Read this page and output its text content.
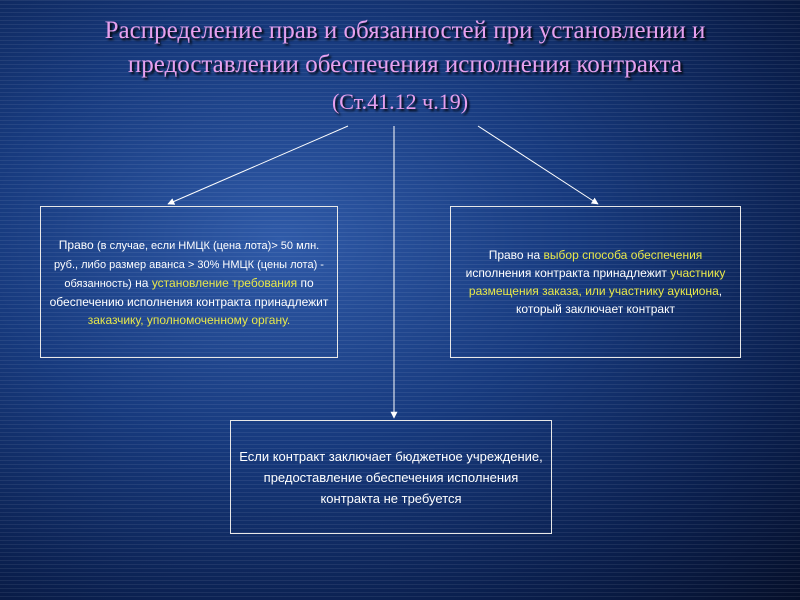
Распределение прав и обязанностей при установлении и
предоставлении обеспечения исполнения контракта
(Ст.41.12 ч.19)
Право (в случае, если НМЦК (цена лота)> 50 млн. руб., либо размер аванса > 30% НМЦК (цены лота) - обязанность) на установление требования по обеспечению исполнения контракта принадлежит заказчику, уполномоченному органу.
Право на выбор способа обеспечения исполнения контракта принадлежит участнику размещения заказа, или участнику аукциона, который заключает контракт
Если контракт заключает бюджетное учреждение, предоставление обеспечения исполнения контракта не требуется
